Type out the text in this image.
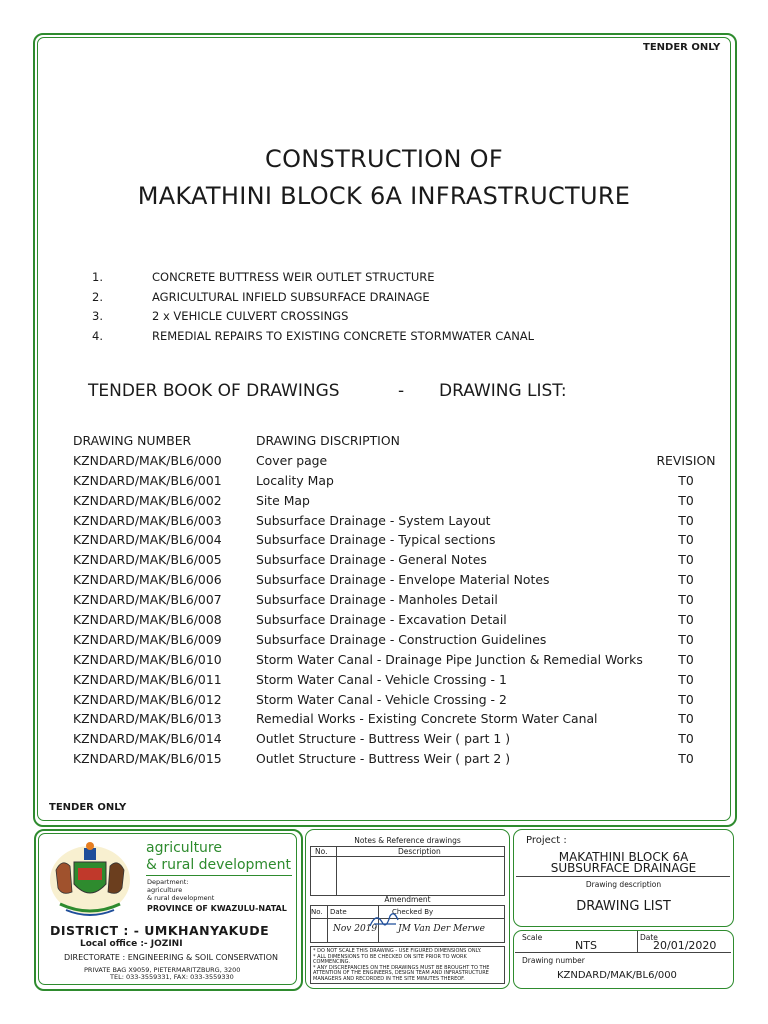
TENDER ONLY
CONSTRUCTION OF
MAKATHINI BLOCK 6A INFRASTRUCTURE
1.	CONCRETE BUTTRESS WEIR OUTLET STRUCTURE
2.	AGRICULTURAL INFIELD SUBSURFACE DRAINAGE
3.	2 x VEHICLE CULVERT CROSSINGS
4.	REMEDIAL REPAIRS TO EXISTING CONCRETE STORMWATER CANAL
TENDER BOOK OF DRAWINGS	- DRAWING LIST:
DRAWING NUMBER	DRAWING DISCRIPTION
KZNDARD/MAK/BL6/000	Cover page	REVISION
KZNDARD/MAK/BL6/001	Locality Map	T0
KZNDARD/MAK/BL6/002	Site Map	T0
KZNDARD/MAK/BL6/003	Subsurface Drainage - System Layout	T0
KZNDARD/MAK/BL6/004	Subsurface Drainage - Typical sections	T0
KZNDARD/MAK/BL6/005	Subsurface Drainage - General Notes	T0
KZNDARD/MAK/BL6/006	Subsurface Drainage - Envelope Material Notes	T0
KZNDARD/MAK/BL6/007	Subsurface Drainage - Manholes Detail	T0
KZNDARD/MAK/BL6/008	Subsurface Drainage - Excavation Detail	T0
KZNDARD/MAK/BL6/009	Subsurface Drainage - Construction Guidelines	T0
KZNDARD/MAK/BL6/010	Storm Water Canal - Drainage Pipe Junction & Remedial Works	T0
KZNDARD/MAK/BL6/011	Storm Water Canal - Vehicle Crossing - 1	T0
KZNDARD/MAK/BL6/012	Storm Water Canal - Vehicle Crossing - 2	T0
KZNDARD/MAK/BL6/013	Remedial Works - Existing Concrete Storm Water Canal	T0
KZNDARD/MAK/BL6/014	Outlet Structure - Buttress Weir ( part 1 )	T0
KZNDARD/MAK/BL6/015	Outlet Structure - Buttress Weir ( part 2 )	T0
TENDER ONLY
agriculture
& rural development
Department:
agriculture
& rural development
PROVINCE OF KWAZULU-NATAL
DISTRICT : - UMKHANYAKUDE
Local office :- JOZINI
DIRECTORATE : ENGINEERING & SOIL CONSERVATION
PRIVATE BAG X9059, PIETERMARITZBURG, 3200
TEL: 033-3559331, FAX: 033-3559330
Notes & Reference drawings
No.	Description
Amendment
No. Date	Checked By
Nov 2019 JM Van Der Merwe
* DO NOT SCALE THIS DRAWING - USE FIGURED DIMENSIONS ONLY.
* ALL DIMENSIONS TO BE CHECKED ON SITE PRIOR TO WORK COMMENCING.
* ANY DISCREPANCIES ON THE DRAWINGS MUST BE BROUGHT TO THE ATTENTION OF THE ENGINEERS, DESIGN TEAM AND INFRASTRUCTURE MANAGERS AND RECORDED IN THE SITE MINUTES THEREOF.
Project :
MAKATHINI BLOCK 6A
SUBSURFACE DRAINAGE
Drawing description
DRAWING LIST
Scale
NTS
Date
20/01/2020
Drawing number
KZNDARD/MAK/BL6/000
